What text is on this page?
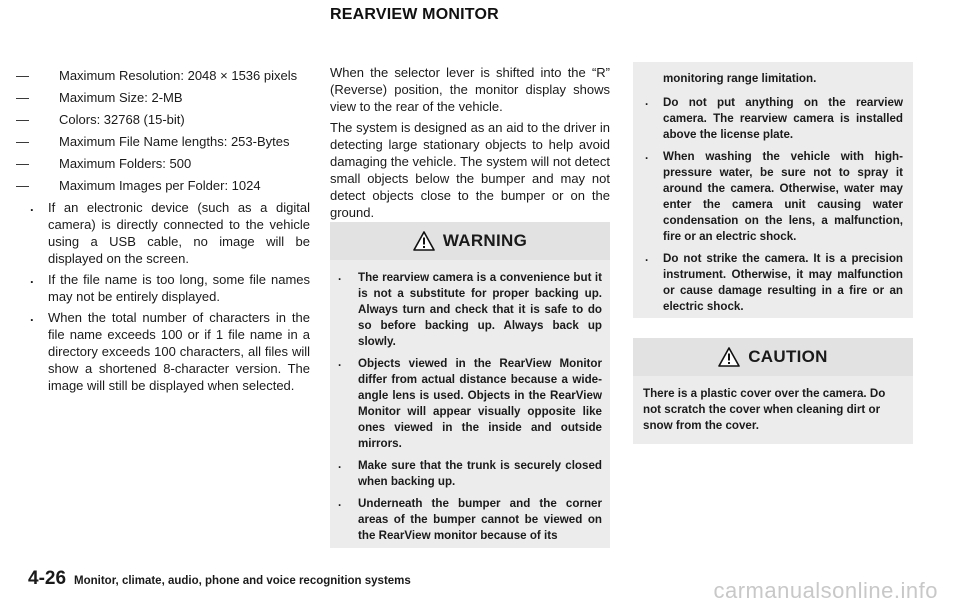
REARVIEW MONITOR
— Maximum Resolution: 2048 × 1536 pixels
— Maximum Size: 2-MB
— Colors: 32768 (15-bit)
— Maximum File Name lengths: 253-Bytes
— Maximum Folders: 500
— Maximum Images per Folder: 1024
. If an electronic device (such as a digital camera) is directly connected to the vehicle using a USB cable, no image will be displayed on the screen.
. If the file name is too long, some file names may not be entirely displayed.
. When the total number of characters in the file name exceeds 100 or if 1 file name in a directory exceeds 100 characters, all files will show a shortened 8-character version. The image will still be displayed when selected.

When the selector lever is shifted into the “R” (Reverse) position, the monitor display shows view to the rear of the vehicle.

The system is designed as an aid to the driver in detecting large stationary objects to help avoid damaging the vehicle. The system will not detect small objects below the bumper and may not detect objects close to the bumper or on the ground.

WARNING
. The rearview camera is a convenience but it is not a substitute for proper backing up. Always turn and check that it is safe to do so before backing up. Always back up slowly.
. Objects viewed in the RearView Monitor differ from actual distance because a wide-angle lens is used. Objects in the RearView Monitor will appear visually opposite like ones viewed in the inside and outside mirrors.
. Make sure that the trunk is securely closed when backing up.
. Underneath the bumper and the corner areas of the bumper cannot be viewed on the RearView monitor because of its
monitoring range limitation.
. Do not put anything on the rearview camera. The rearview camera is installed above the license plate.
. When washing the vehicle with high-pressure water, be sure not to spray it around the camera. Otherwise, water may enter the camera unit causing water condensation on the lens, a malfunction, fire or an electric shock.
. Do not strike the camera. It is a precision instrument. Otherwise, it may malfunction or cause damage resulting in a fire or an electric shock.
CAUTION
There is a plastic cover over the camera. Do not scratch the cover when cleaning dirt or snow from the cover.
4-26 Monitor, climate, audio, phone and voice recognition systems	carmanualsonline.info
